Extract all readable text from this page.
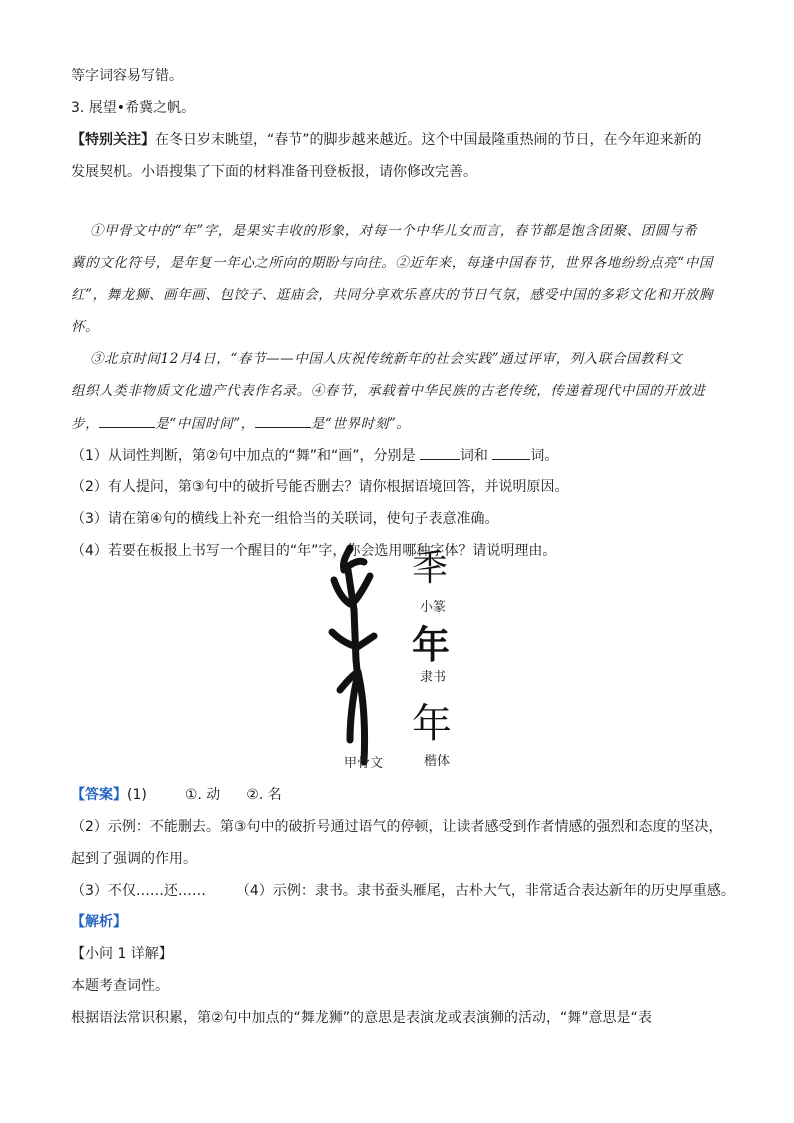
等字词容易写错。
3. 展望•希冀之帆。
【特别关注】在冬日岁末眺望，“春节”的脚步越来越近。这个中国最隆重热闹的节日，在今年迎来新的
发展契机。小语搜集了下面的材料准备刊登板报，请你修改完善。
①甲骨文中的“年”字，是果实丰收的形象，对每一个中华儿女而言，春节都是饱含团聚、团圆与希
冀的文化符号，是年复一年心之所向的期盼与向往。②近年来，每逢中国春节，世界各地纷纷点亮“中国
红”，舞龙狮、画年画、包饺子、逛庙会，共同分享欢乐喜庆的节日气氛，感受中国的多彩文化和开放胸
怀。
③北京时间12月4日，“春节——中国人庆祝传统新年的社会实践”通过评审，列入联合国教科文
组织人类非物质文化遗产代表作名录。④春节，承载着中华民族的古老传统，传递着现代中国的开放进
步，	是“中国时间”，	是“世界时刻”。
（1）从词性判断，第②句中加点的“舞”和“画”，分别是	词和	词。
（2）有人提问，第③句中的破折号能否删去？请你根据语境回答，并说明原因。
（3）请在第④句的横线上补充一组恰当的关联词，使句子表意准确。
（4）若要在板报上书写一个醒目的“年”字，你会选用哪种字体？请说明理由。
秊
小篆
年
隶书
年
甲骨文	楷体
【答案】(1)	①. 动 ②. 名
（2）示例：不能删去。第③句中的破折号通过语气的停顿，让读者感受到作者情感的强烈和态度的坚决，
起到了强调的作用。
（3）不仅……还…… （4）示例：隶书。隶书蚕头雁尾，古朴大气，非常适合表达新年的历史厚重感。
【解析】
【小问 1 详解】
本题考查词性。
根据语法常识积累，第②句中加点的“舞龙狮”的意思是表演龙或表演狮的活动，“舞”意思是“表
